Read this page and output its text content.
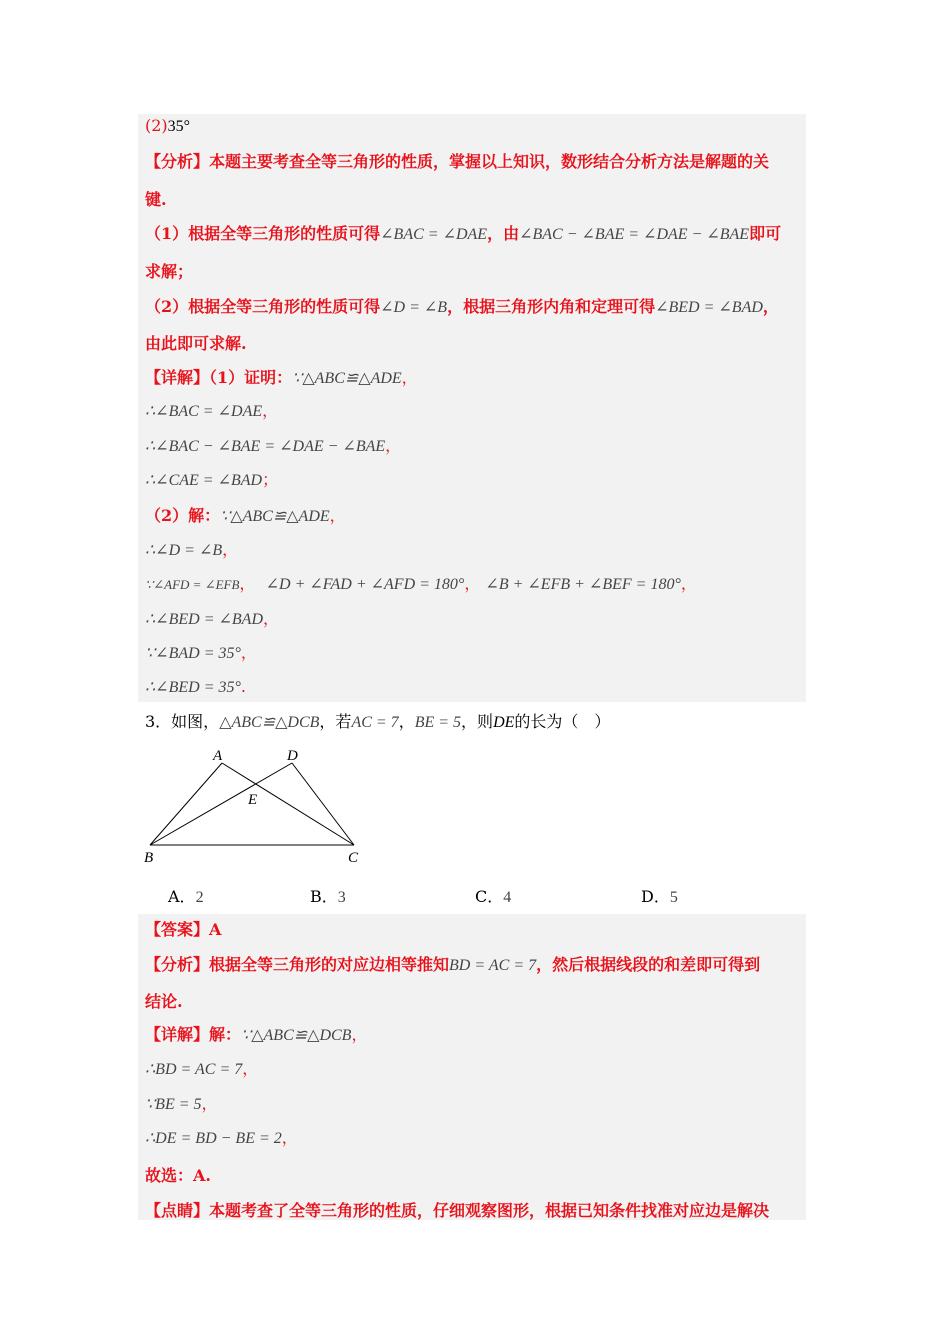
(2)35°
【分析】本题主要考查全等三角形的性质，掌握以上知识，数形结合分析方法是解题的关
键.
（1）根据全等三角形的性质可得∠BAC = ∠DAE，由∠BAC − ∠BAE = ∠DAE − ∠BAE即可
求解；
（2）根据全等三角形的性质可得∠D = ∠B，根据三角形内角和定理可得∠BED = ∠BAD，
由此即可求解.
【详解】（1）证明：∵△ABC≌△ADE，
∴∠BAC = ∠DAE，
∴∠BAC − ∠BAE = ∠DAE − ∠BAE，
∴∠CAE = ∠BAD；
（2）解：∵△ABC≌△ADE，
∴∠D = ∠B，
∵∠AFD = ∠EFB， ∠D + ∠FAD + ∠AFD = 180°， ∠B + ∠EFB + ∠BEF = 180°，
∴∠BED = ∠BAD，
∵∠BAD = 35°，
∴∠BED = 35°.
3．如图，△ABC≌△DCB，若AC = 7，BE = 5，则DE的长为（　）
A	D
E
B	C
A．2	B．3	C．4	D．5
【答案】A
【分析】根据全等三角形的对应边相等推知BD = AC = 7，然后根据线段的和差即可得到
结论.
【详解】解：∵△ABC≌△DCB，
∴BD = AC = 7，
∵BE = 5，
∴DE = BD − BE = 2，
故选：A.
【点睛】本题考查了全等三角形的性质，仔细观察图形，根据已知条件找准对应边是解决
